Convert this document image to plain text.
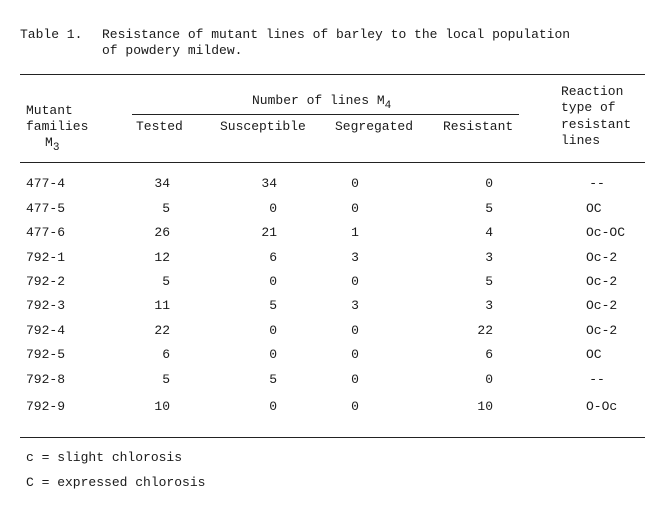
Table 1. Resistance of mutant lines of barley to the local population
of powdery mildew.
Mutant
families
$M_3$
Number of lines $M_4$
Tested	Susceptible Segregated Resistant
Reaction
type of
resistant
lines
477-4	34	34	0	0	--
477-5	5	0	0	5	OC
477-6	26	21	1	4	Oc-OC
792-1	12	6	3	3	Oc-2
792-2	5	0	0	5	Oc-2
792-3	11	5	3	3	Oc-2
792-4	22	0	0	22	Oc-2
792-5	6	0	0	6	OC
792-8	5	5	0	0	--
792-9	10	0	0	10	O-Oc
c = slight chlorosis
C = expressed chlorosis
